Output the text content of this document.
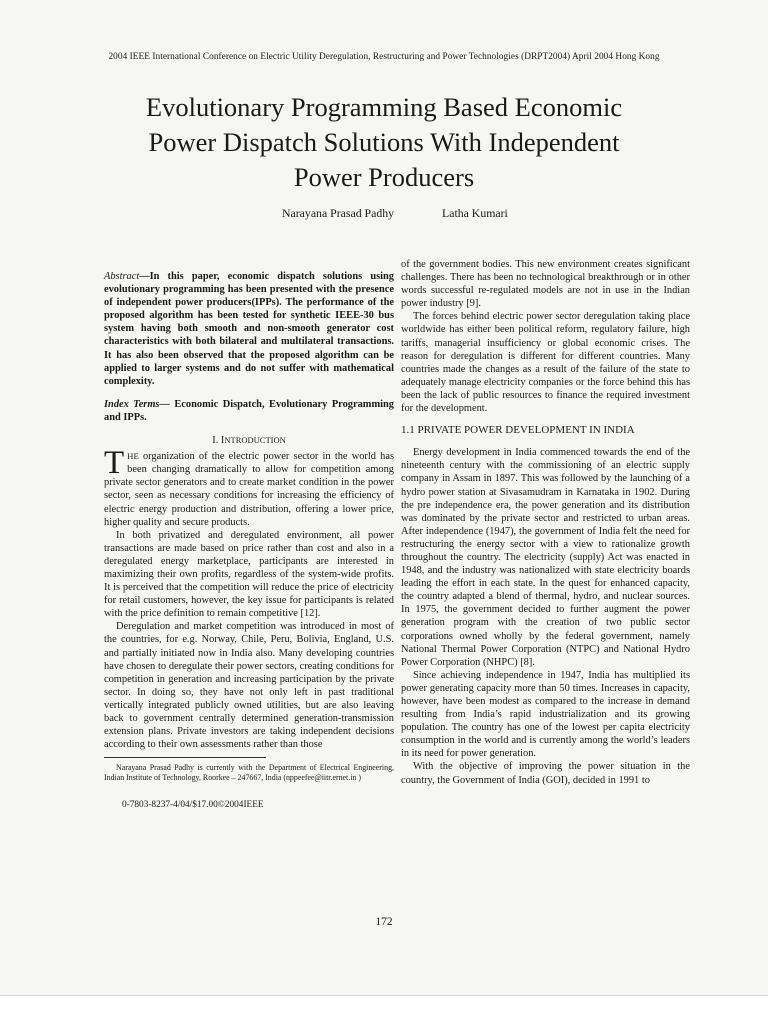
2004 IEEE International Conference on Electric Utility Deregulation, Restructuring and Power Technologies (DRPT2004) April 2004 Hong Kong
Evolutionary Programming Based Economic
Power Dispatch Solutions With Independent
Power Producers
Narayana Prasad Padhy	Latha Kumari

Abstract—In this paper, economic dispatch solutions using evolutionary programming has been presented with the presence of independent power producers(IPPs). The performance of the proposed algorithm has been tested for synthetic IEEE-30 bus system having both smooth and non-smooth generator cost characteristics with both bilateral and multilateral transactions. It has also been observed that the proposed algorithm can be applied to larger systems and do not suffer with mathematical complexity.

Index Terms— Economic Dispatch, Evolutionary Programming and IPPs.

I. INTRODUCTION

THE organization of the electric power sector in the world has been changing dramatically to allow for competition among private sector generators and to create market condition in the power sector, seen as necessary conditions for increasing the efficiency of electric energy production and distribution, offering a lower price, higher quality and secure products.

In both privatized and deregulated environment, all power transactions are made based on price rather than cost and also in a deregulated energy marketplace, participants are interested in maximizing their own profits, regardless of the system-wide profits. It is perceived that the competition will reduce the price of electricity for retail customers, however, the key issue for participants is related with the price definition to remain competitive [12].

Deregulation and market competition was introduced in most of the countries, for e.g. Norway, Chile, Peru, Bolivia, England, U.S. and partially initiated now in India also. Many developing countries have chosen to deregulate their power sectors, creating conditions for competition in generation and increasing participation by the private sector. In doing so, they have not only left in past traditional vertically integrated publicly owned utilities, but are also leaving back to government centrally determined generation-transmission extension plans. Private investors are taking independent decisions according to their own assessments rather than those

Narayana Prasad Padhy is currently with the Department of Electrical Engineering, Indian Institute of Technology, Roorkee – 247667, India (nppeefee@iitr.ernet.in )

0-7803-8237-4/04/$17.00©2004IEEE

of the government bodies. This new environment creates significant challenges. There has been no technological breakthrough or in other words successful re-regulated models are not in use in the Indian power industry [9].

The forces behind electric power sector deregulation taking place worldwide has either been political reform, regulatory failure, high tariffs, managerial insufficiency or global economic crises. The reason for deregulation is different for different countries. Many countries made the changes as a result of the failure of the state to adequately manage electricity companies or the force behind this has been the lack of public resources to finance the required investment for the development.

1.1 PRIVATE POWER DEVELOPMENT IN INDIA

Energy development in India commenced towards the end of the nineteenth century with the commissioning of an electric supply company in Assam in 1897. This was followed by the launching of a hydro power station at Sivasamudram in Karnataka in 1902. During the pre independence era, the power generation and its distribution was dominated by the private sector and restricted to urban areas. After independence (1947), the government of India felt the need for restructuring the energy sector with a view to rationalize growth throughout the country. The electricity (supply) Act was enacted in 1948, and the industry was nationalized with state electricity boards leading the effort in each state. In the quest for enhanced capacity, the country adapted a blend of thermal, hydro, and nuclear sources. In 1975, the government decided to further augment the power generation program with the creation of two public sector corporations owned wholly by the federal government, namely National Thermal Power Corporation (NTPC) and National Hydro Power Corporation (NHPC) [8].

Since achieving independence in 1947, India has multiplied its power generating capacity more than 50 times. Increases in capacity, however, have been modest as compared to the increase in demand resulting from India’s rapid industrialization and its growing population. The country has one of the lowest per capita electricity consumption in the world and is currently among the world’s leaders in its need for power generation.

With the objective of improving the power situation in the country, the Government of India (GOI), decided in 1991 to

172
